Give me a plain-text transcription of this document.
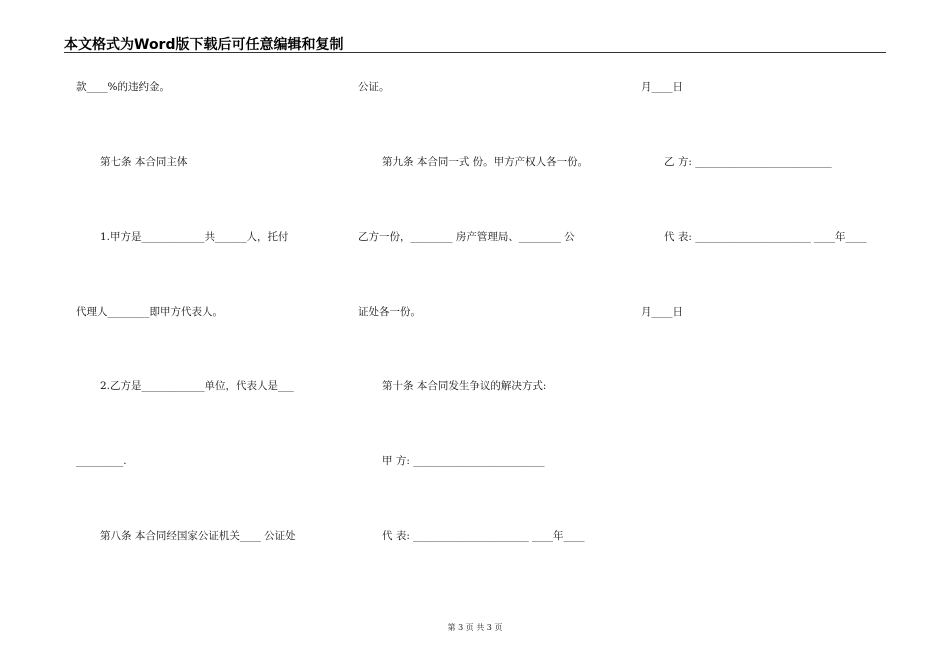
本文格式为Word版下载后可任意编辑和复制
款____%的违约金。
第七条 本合同主体
1.甲方是____________共______人，托付
代理人________即甲方代表人。
2.乙方是____________单位，代表人是___
_________.
第八条 本合同经国家公证机关____ 公证处
公证。
第九条 本合同一式 份。甲方产权人各一份。
乙方一份，________ 房产管理局、________ 公
证处各一份。
第十条 本合同发生争议的解决方式:
甲 方: _________________________
代 表: ______________________ ____年____
月____日
乙 方: __________________________
代 表: ______________________ ____年____
月____日
第 3 页 共 3 页
